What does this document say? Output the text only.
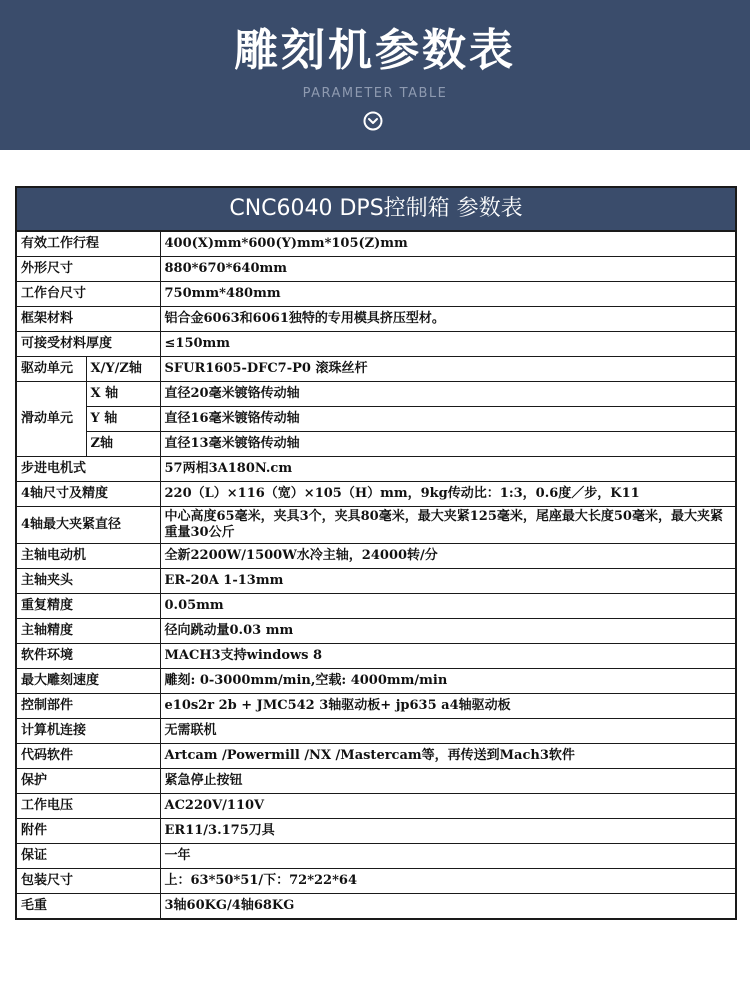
雕刻机参数表
PARAMETER TABLE
CNC6040 DPS控制箱 参数表		
有效工作行程		400(X)mm*600(Y)mm*105(Z)mm
外形尺寸		880*670*640mm
工作台尺寸		750mm*480mm
框架材料		铝合金6063和6061独特的专用模具挤压型材。
可接受材料厚度		≤150mm
驱动单元	X/Y/Z轴	SFUR1605-DFC7-P0 滚珠丝杆
滑动单元	X 轴	直径20毫米镀铬传动轴
	Y 轴	直径16毫米镀铬传动轴
	Z轴	直径13毫米镀铬传动轴
步进电机式		57两相3A180N.cm
4轴尺寸及精度		220（L）×116（宽）×105（H）mm，9kg传动比：1:3，0.6度／步，K11
4轴最大夹紧直径		中心高度65毫米，夹具3个，夹具80毫米，最大夹紧125毫米，尾座最大长度50毫米，最大夹紧重量30公斤
主轴电动机		全新2200W/1500W水冷主轴，24000转/分
主轴夹头		ER-20A 1-13mm
重复精度		0.05mm
主轴精度		径向跳动量0.03 mm
软件环境		MACH3支持windows 8
最大雕刻速度		雕刻: 0-3000mm/min,空载: 4000mm/min
控制部件		e10s2r 2b + JMC542 3轴驱动板+ jp635 a4轴驱动板
计算机连接		无需联机
代码软件		Artcam /Powermill /NX /Mastercam等，再传送到Mach3软件
保护		紧急停止按钮
工作电压		AC220V/110V
附件		ER11/3.175刀具
保证		一年
包装尺寸		上：63*50*51/下：72*22*64
毛重		3轴60KG/4轴68KG
